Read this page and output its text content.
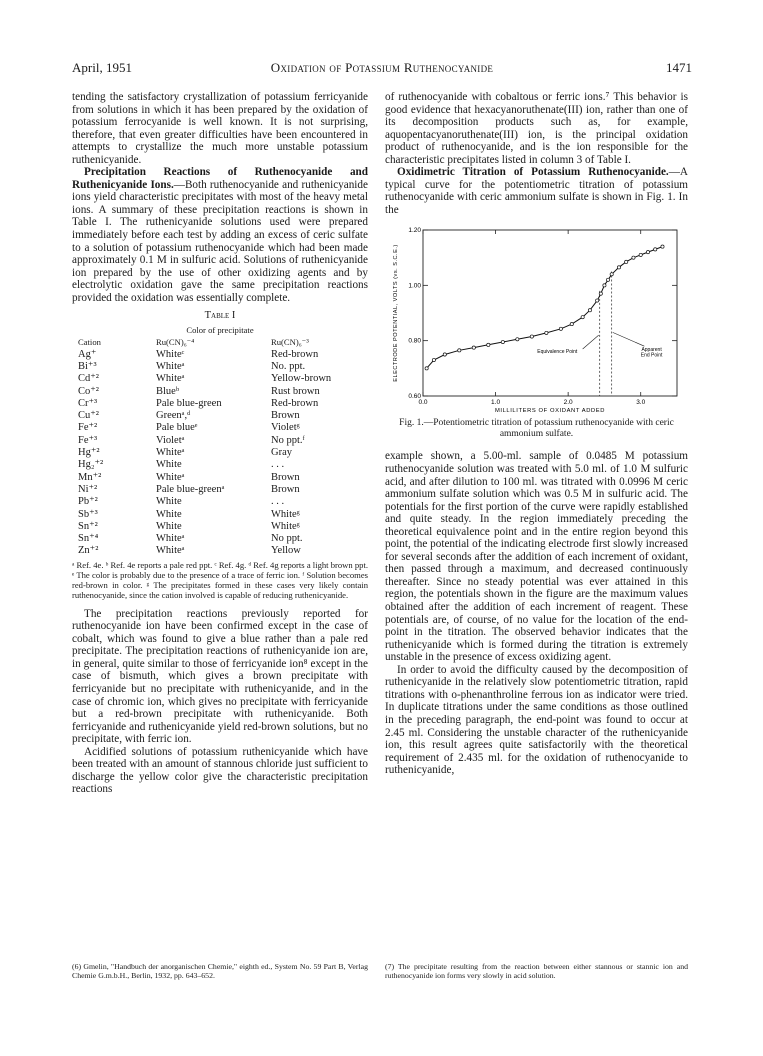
April, 1951	Oxidation of Potassium Ruthenocyanide	1471

tending the satisfactory crystallization of potassium ferricyanide from solutions in which it has been prepared by the oxidation of potassium ferrocyanide is well known. It is not surprising, therefore, that even greater difficulties have been encountered in attempts to crystallize the much more unstable potassium ruthenicyanide.

Precipitation Reactions of Ruthenocyanide and Ruthenicyanide Ions.—Both ruthenocyanide and ruthenicyanide ions yield characteristic precipitates with most of the heavy metal ions. A summary of these precipitation reactions is shown in Table I. The ruthenicyanide solutions used were prepared immediately before each test by adding an excess of ceric sulfate to a solution of potassium ruthenocyanide which had been made approximately 0.1 M in sulfuric acid. Solutions of ruthenicyanide ion prepared by the use of other oxidizing agents and by electrolytic oxidation gave the same precipitation reactions provided the oxidation was essentially complete.

Table I
Color of precipitate
Cation	Ru(CN)₆⁻⁴	Ru(CN)₆⁻³
Ag⁺	Whiteᶜ	Red-brown
Bi⁺³	Whiteᵃ	No. ppt.
Cd⁺²	Whiteᵃ	Yellow-brown
Co⁺²	Blueᵇ	Rust brown
Cr⁺³	Pale blue-green	Red-brown
Cu⁺²	Greenᵃ,ᵈ	Brown
Fe⁺²	Pale blueᵉ	Violetᵍ
Fe⁺³	Violetᵃ	No ppt.ᶠ
Hg⁺²	Whiteᵃ	Gray
Hg₂⁺²	White	. . .
Mn⁺²	Whiteᵃ	Brown
Ni⁺²	Pale blue-greenᵃ	Brown
Pb⁺²	White	. . .
Sb⁺³	White	Whiteᵍ
Sn⁺²	White	Whiteᵍ
Sn⁺⁴	Whiteᵃ	No ppt.
Zn⁺²	Whiteᵃ	Yellow
ᵃ Ref. 4e. ᵇ Ref. 4e reports a pale red ppt. ᶜ Ref. 4g. ᵈ Ref. 4g reports a light brown ppt. ᵉ The color is probably due to the presence of a trace of ferric ion. ᶠ Solution becomes red-brown in color. ᵍ The precipitates formed in these cases very likely contain ruthenocyanide, since the cation involved is capable of reducing ruthenicyanide.

The precipitation reactions previously reported for ruthenocyanide ion have been confirmed except in the case of cobalt, which was found to give a blue rather than a pale red precipitate. The precipitation reactions of ruthenicyanide ion are, in general, quite similar to those of ferricyanide ion⁸ except in the case of bismuth, which gives a brown precipitate with ferricyanide but no precipitate with ruthenicyanide, and in the case of chromic ion, which gives no precipitate with ferricyanide but a red-brown precipitate with ruthenicyanide. Both ferricyanide and ruthenicyanide yield red-brown solutions, but no precipitate, with ferric ion.

Acidified solutions of potassium ruthenicyanide which have been treated with an amount of stannous chloride just sufficient to discharge the yellow color give the characteristic precipitation reactions

(6) Gmelin, "Handbuch der anorganischen Chemie," eighth ed., System No. 59 Part B, Verlag Chemie G.m.b.H., Berlin, 1932, pp. 643–652.

of ruthenocyanide with cobaltous or ferric ions.⁷ This behavior is good evidence that hexacyanoruthenate(III) ion, rather than one of its decomposition products such as, for example, aquopentacyanoruthenate(III) ion, is the principal oxidation product of ruthenocyanide, and is the ion responsible for the characteristic precipitates listed in column 3 of Table I.

Oxidimetric Titration of Potassium Ruthenocyanide.—A typical curve for the potentiometric titration of potassium ruthenocyanide with ceric ammonium sulfate is shown in Fig. 1. In the

0.0	1.0	2.0	3.0
0.60
0.80
1.00
1.20
MILLILITERS OF OXIDANT ADDED
ELECTRODE POTENTIAL, VOLTS (vs. S.C.E.)	Equivalence Point	Apparent
End Point
Fig. 1.—Potentiometric titration of potassium ruthenocyanide with ceric ammonium sulfate.

example shown, a 5.00-ml. sample of 0.0485 M potassium ruthenocyanide solution was treated with 5.0 ml. of 1.0 M sulfuric acid, and after dilution to 100 ml. was titrated with 0.0996 M ceric ammonium sulfate solution which was 0.5 M in sulfuric acid. The potentials for the first portion of the curve were rapidly established and quite steady. In the region immediately preceding the theoretical equivalence point and in the entire region beyond this point, the potential of the indicating electrode first slowly increased for several seconds after the addition of each increment of oxidant, then passed through a maximum, and decreased continuously thereafter. Since no steady potential was ever attained in this region, the potentials shown in the figure are the maximum values obtained after the addition of each increment of reagent. These potentials are, of course, of no value for the location of the end-point in the titration. The observed behavior indicates that the ruthenicyanide which is formed during the titration is extremely unstable in the presence of excess oxidizing agent.

In order to avoid the difficulty caused by the decomposition of ruthenicyanide in the relatively slow potentiometric titration, rapid titrations with o-phenanthroline ferrous ion as indicator were tried. In duplicate titrations under the same conditions as those outlined in the preceding paragraph, the end-point was found to occur at 2.45 ml. Considering the unstable character of the ruthenicyanide ion, this result agrees quite satisfactorily with the theoretical requirement of 2.435 ml. for the oxidation of ruthenocyanide to ruthenicyanide,

(7) The precipitate resulting from the reaction between either stannous or stannic ion and ruthenocyanide ion forms very slowly in acid solution.
